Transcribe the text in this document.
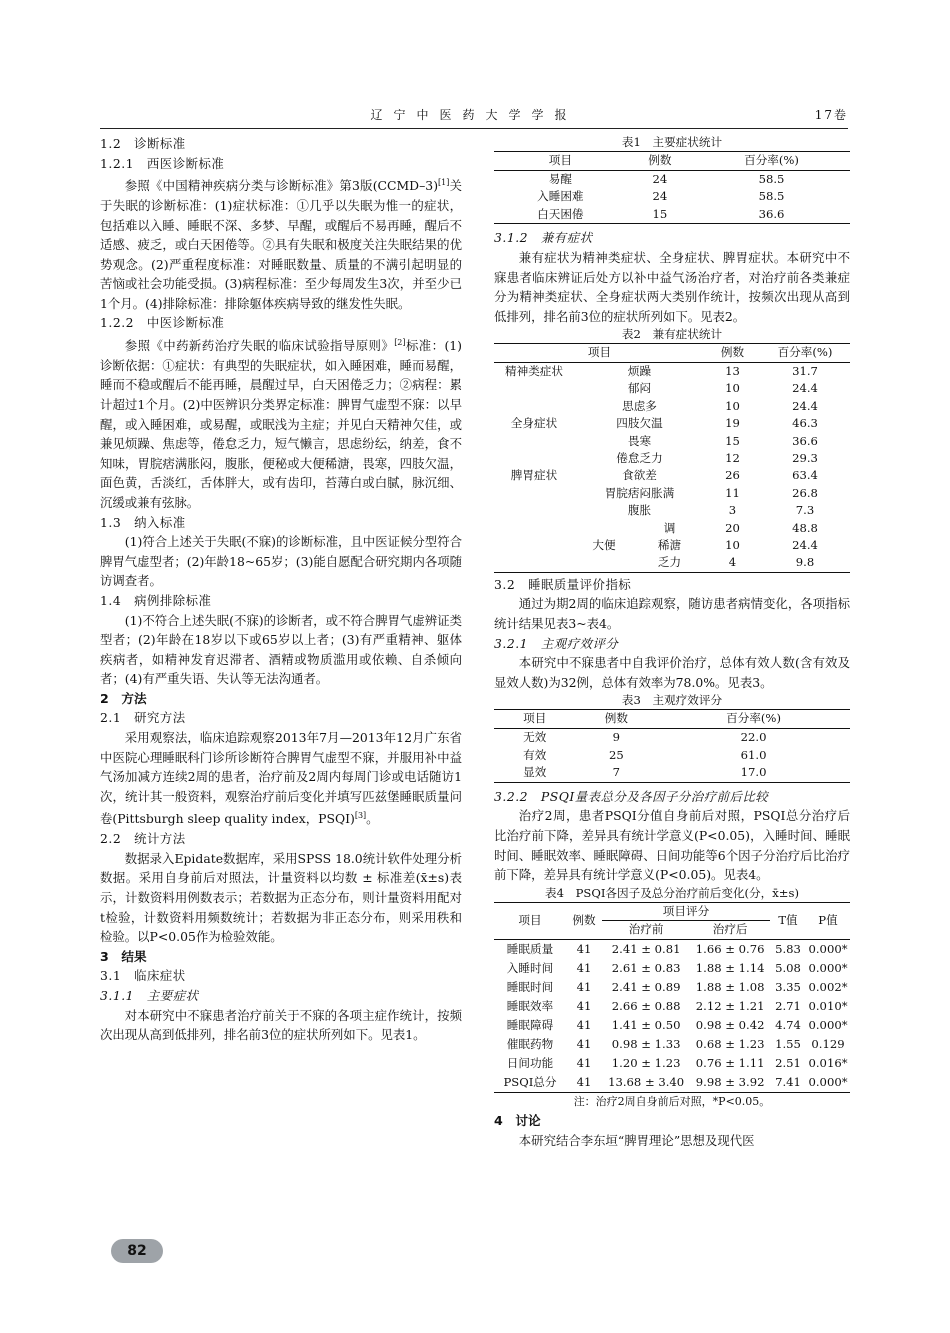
辽宁中医药大学学报	17卷
1.2　诊断标准
1.2.1　西医诊断标准

参照《中国精神疾病分类与诊断标准》第3版(CCMD–3)[1]关于失眠的诊断标准：(1)症状标准：①几乎以失眠为惟一的症状，包括难以入睡、睡眠不深、多梦、早醒，或醒后不易再睡，醒后不适感、疲乏，或白天困倦等。②具有失眠和极度关注失眠结果的优势观念。(2)严重程度标准：对睡眠数量、质量的不满引起明显的苦恼或社会功能受损。(3)病程标准：至少每周发生3次，并至少已1个月。(4)排除标准：排除躯体疾病导致的继发性失眠。

1.2.2　中医诊断标准

参照《中药新药治疗失眠的临床试验指导原则》[2]标准：(1)诊断依据：①症状：有典型的失眠症状，如入睡困难，睡而易醒，睡而不稳或醒后不能再睡，晨醒过早，白天困倦乏力；②病程：累计超过1个月。(2)中医辨识分类界定标准：脾胃气虚型不寐：以早醒，或入睡困难，或易醒，或眠浅为主症；并见白天精神欠佳，或兼见烦躁、焦虑等，倦怠乏力，短气懒言，思虑纷纭，纳差，食不知味，胃脘痞满胀闷，腹胀，便秘或大便稀溏，畏寒，四肢欠温，面色黄，舌淡红，舌体胖大，或有齿印，苔薄白或白腻，脉沉细、沉缓或兼有弦脉。

1.3　纳入标准

(1)符合上述关于失眠(不寐)的诊断标准，且中医证候分型符合脾胃气虚型者；(2)年龄18~65岁；(3)能自愿配合研究期内各项随访调查者。

1.4　病例排除标准

(1)不符合上述失眠(不寐)的诊断者，或不符合脾胃气虚辨证类型者；(2)年龄在18岁以下或65岁以上者；(3)有严重精神、躯体疾病者，如精神发育迟滞者、酒精或物质滥用或依赖、自杀倾向者；(4)有严重失语、失认等无法沟通者。

2　方法
2.1　研究方法

采用观察法，临床追踪观察2013年7月—2013年12月广东省中医院心理睡眠科门诊所诊断符合脾胃气虚型不寐，并服用补中益气汤加减方连续2周的患者，治疗前及2周内每周门诊或电话随访1次，统计其一般资料，观察治疗前后变化并填写匹兹堡睡眠质量问卷(Pittsburgh sleep quality index，PSQI)[3]。

2.2　统计方法

数据录入Epidate数据库，采用SPSS 18.0统计软件处理分析数据。采用自身前后对照法，计量资料以均数 ± 标准差(x̄±s)表示，计数资料用例数表示；若数据为正态分布，则计量资料用配对t检验，计数资料用频数统计；若数据为非正态分布，则采用秩和检验。以P<0.05作为检验效能。

3　结果
3.1　临床症状
3.1.1　主要症状

对本研究中不寐患者治疗前关于不寐的各项主症作统计，按频次出现从高到低排列，排名前3位的症状所列如下。见表1。

表1　主要症状统计
项目	例数	百分率(%)
易醒	24	58.5
入睡困难	24	58.5
白天困倦	15	36.6
3.1.2　兼有症状

兼有症状为精神类症状、全身症状、脾胃症状。本研究中不寐患者临床辨证后处方以补中益气汤治疗者，对治疗前各类兼症分为精神类症状、全身症状两大类别作统计，按频次出现从高到低排列，排名前3位的症状所列如下。见表2。

表2　兼有症状统计
项目			例数	百分率(%)
精神类症状	烦躁		13	31.7
	郁闷		10	24.4
	思虑多		10	24.4
全身症状	四肢欠温		19	46.3
	畏寒		15	36.6
	倦怠乏力		12	29.3
脾胃症状	食欲差		26	63.4
	胃脘痞闷胀满		11	26.8
	腹胀		3	7.3
		调	20	48.8
	大便	稀溏	10	24.4
		乏力	4	9.8
3.2　睡眠质量评价指标

通过为期2周的临床追踪观察，随访患者病情变化，各项指标统计结果见表3~表4。

3.2.1　主观疗效评分

本研究中不寐患者中自我评价治疗，总体有效人数(含有效及显效人数)为32例，总体有效率为78.0%。见表3。

表3　主观疗效评分
项目	例数	百分率(%)
无效	9	22.0
有效	25	61.0
显效	7	17.0
3.2.2　PSQI量表总分及各因子分治疗前后比较

治疗2周，患者PSQI分值自身前后对照，PSQI总分治疗后比治疗前下降，差异具有统计学意义(P<0.05)，入睡时间、睡眠时间、睡眠效率、睡眠障碍、日间功能等6个因子分治疗后比治疗前下降，差异具有统计学意义(P<0.05)。见表4。

表4　PSQI各因子及总分治疗前后变化(分，x̄±s)
项目	例数	项目评分		T值	P值
		治疗前	治疗后		
睡眠质量	41	2.41 ± 0.81	1.66 ± 0.76	5.83	0.000*
入睡时间	41	2.61 ± 0.83	1.88 ± 1.14	5.08	0.000*
睡眠时间	41	2.41 ± 0.89	1.88 ± 1.08	3.35	0.002*
睡眠效率	41	2.66 ± 0.88	2.12 ± 1.21	2.71	0.010*
睡眠障碍	41	1.41 ± 0.50	0.98 ± 0.42	4.74	0.000*
催眠药物	41	0.98 ± 1.33	0.68 ± 1.23	1.55	0.129
日间功能	41	1.20 ± 1.23	0.76 ± 1.11	2.51	0.016*
PSQI总分	41	13.68 ± 3.40	9.98 ± 3.92	7.41	0.000*
注：治疗2周自身前后对照，*P<0.05。
4　讨论

本研究结合李东垣“脾胃理论”思想及现代医

82
